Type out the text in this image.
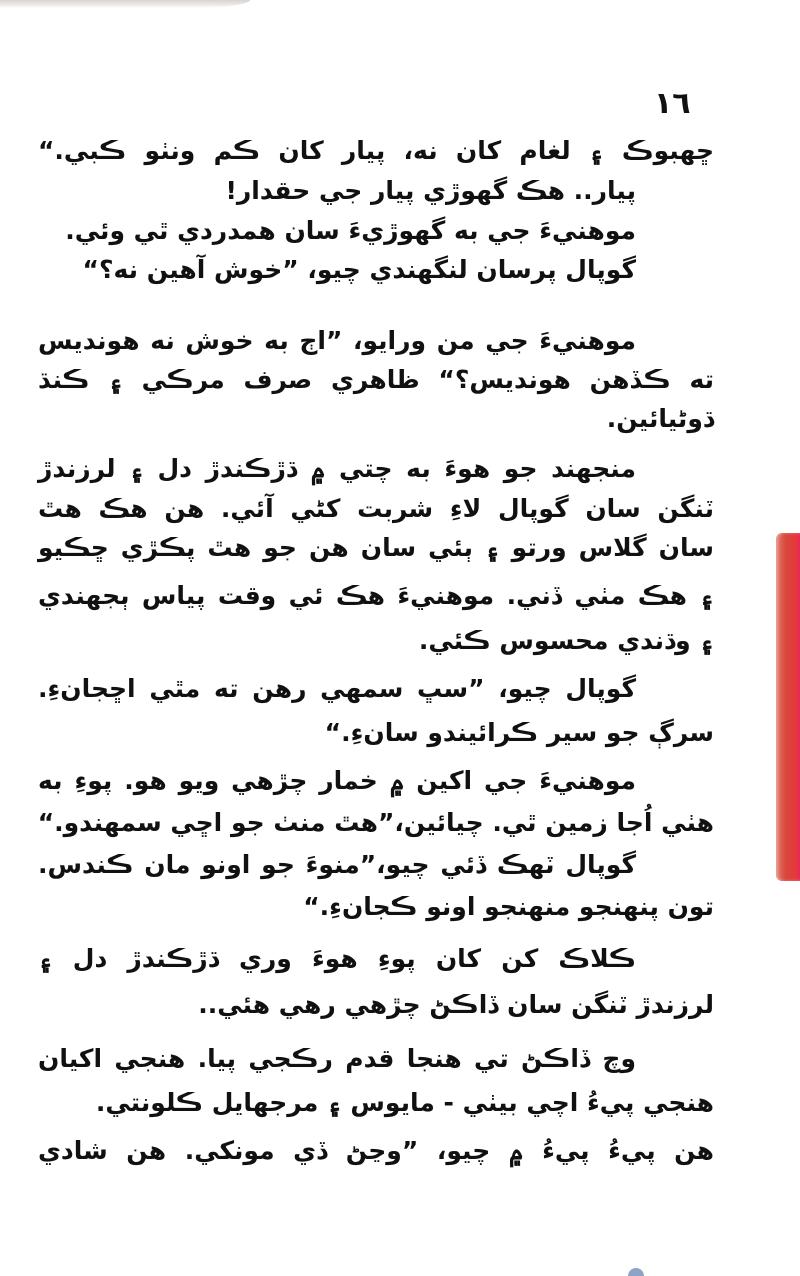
١٦
ڇهبوڪ ۽ لغام کان نه، پيار کان ڪم ونٺو ڪبي.“
پيار.. هڪ گهوڙي پيار جي حقدار!
موهنيءَ جي به گهوڙيءَ سان همدردي ٿي وئي.
گوپال پرسان لنگهندي چيو، ”خوش آهين نه؟“
موهنيءَ جي من ورايو، ”اڄ به خوش نه هونديس
ته ڪڏهن هونديس؟“ ظاهري صرف مرڪي ۽ ڪنڌ
ڌوڻيائين.
منجهند جو هوءَ به چتي ۾ ڌڙڪندڙ دل ۽ لرزندڙ
ٽنگن سان گوپال لاءِ شربت کڻي آئي. هن هڪ هٿ
سان گلاس ورتو ۽ ٻئي سان هن جو هٿ پڪڙي ڇڪيو
۽ هڪ مٺي ڏني. موهنيءَ هڪ ئي وقت پياس ٻجهندي
۽ وڌندي محسوس ڪئي.
گوپال چيو، ”سڀ سمهي رهن ته مٿي اڇجانءِ.
سرڳ جو سير ڪرائيندو سانءِ.“
موهنيءَ جي اکين ۾ خمار چڙهي ويو هو. پوءِ به
هٺي اُجا زمين ٿي. چيائين،”هٿ منٺ جو اڇي سمهندو.“
گوپال ٽهڪ ڏئي چيو،”منوءَ جو اونو مان ڪندس.
تون پنهنجو منهنجو اونو ڪجانءِ.“
ڪلاڪ کن کان پوءِ هوءَ وري ڌڙڪندڙ دل ۽
لرزندڙ ٽنگن سان ڏاڪڻ چڙهي رهي هئي..
وچ ڏاڪڻ تي هنجا قدم رڪجي پيا. هنجي اکيان
هنجي پيءُ اچي بيٺي - مايوس ۽ مرجهايل ڪلونتي.
هن پيءُ پيءُ ۾ چيو، ”وڃڻ ڏي مونکي. هن شادي
